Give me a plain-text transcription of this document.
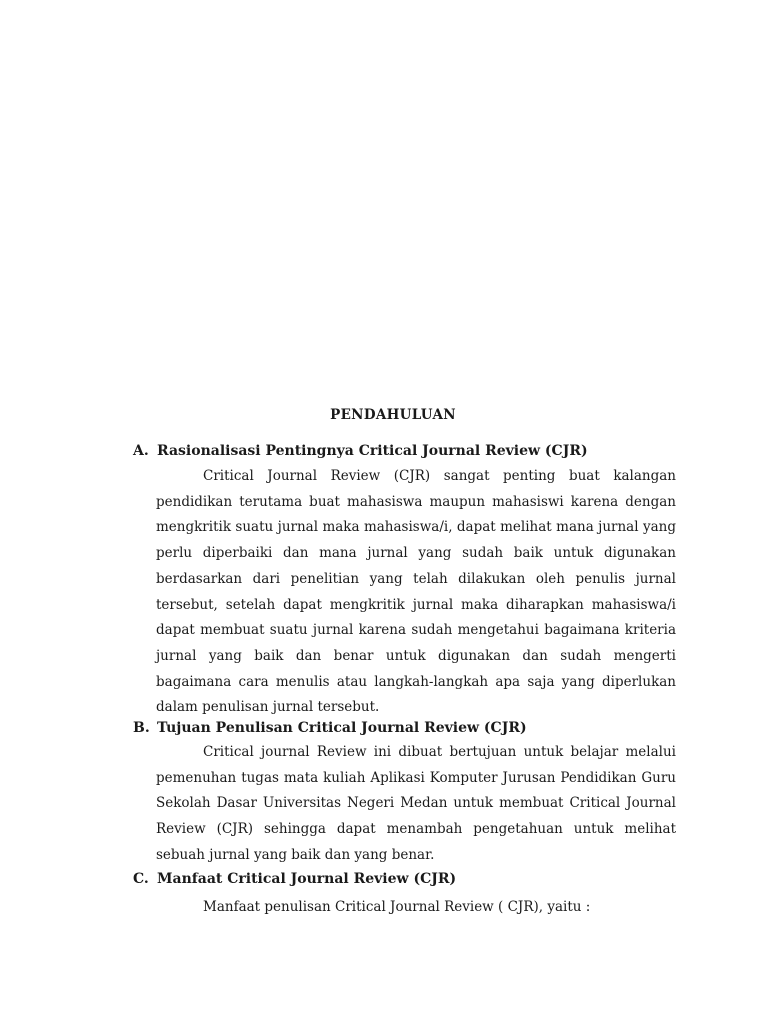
PENDAHULUAN
A. Rasionalisasi Pentingnya Critical Journal Review (CJR)

Critical Journal Review (CJR) sangat penting buat kalangan pendidikan terutama buat mahasiswa maupun mahasiswi karena dengan mengkritik suatu jurnal maka mahasiswa/i, dapat melihat mana jurnal yang perlu diperbaiki dan mana jurnal yang sudah baik untuk digunakan berdasarkan dari penelitian yang telah dilakukan oleh penulis jurnal tersebut, setelah dapat mengkritik jurnal maka diharapkan mahasiswa/i dapat membuat suatu jurnal karena sudah mengetahui bagaimana kriteria jurnal yang baik dan benar untuk digunakan dan sudah mengerti bagaimana cara menulis atau langkah-langkah apa saja yang diperlukan dalam penulisan jurnal tersebut.

B. Tujuan Penulisan Critical Journal Review (CJR)

Critical journal Review ini dibuat bertujuan untuk belajar melalui pemenuhan tugas mata kuliah Aplikasi Komputer Jurusan Pendidikan Guru Sekolah Dasar Universitas Negeri Medan untuk membuat Critical Journal Review (CJR) sehingga dapat menambah pengetahuan untuk melihat sebuah jurnal yang baik dan yang benar.

C. Manfaat Critical Journal Review (CJR)

Manfaat penulisan Critical Journal Review ( CJR), yaitu :
